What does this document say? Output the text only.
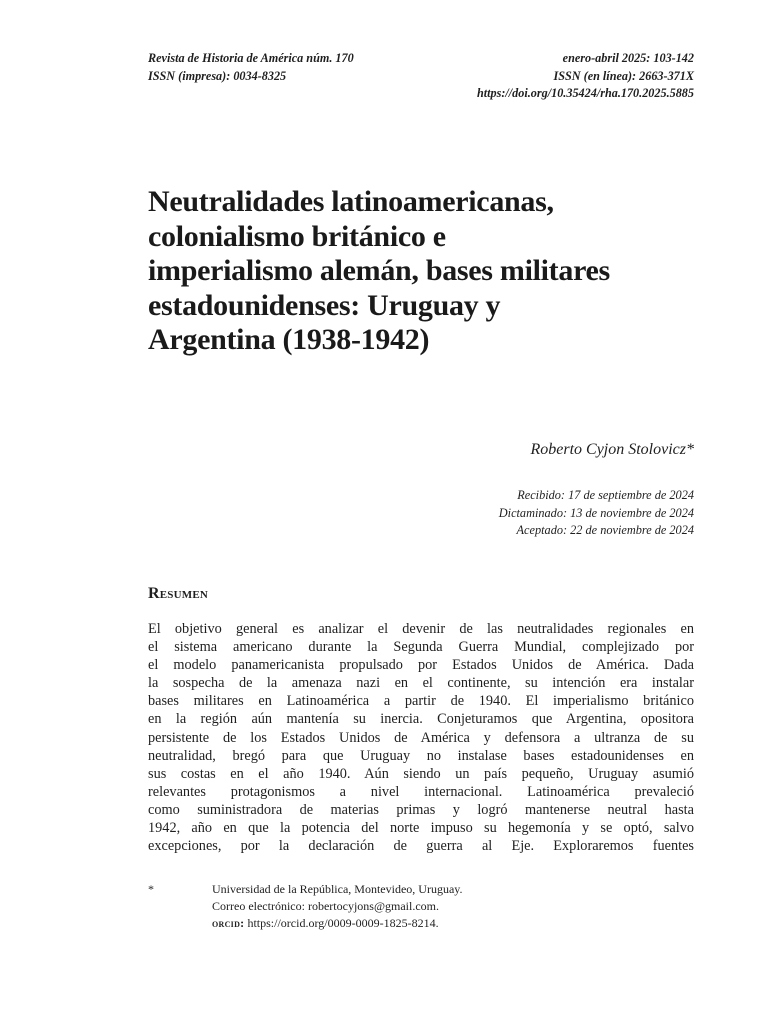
Revista de Historia de América núm. 170
ISSN (impresa): 0034-8325
enero-abril 2025: 103-142
ISSN (en línea): 2663-371X
https://doi.org/10.35424/rha.170.2025.5885
Neutralidades latinoamericanas,
colonialismo británico e
imperialismo alemán, bases militares
estadounidenses: Uruguay y
Argentina (1938-1942)
Roberto Cyjon Stolovicz*
Recibido: 17 de septiembre de 2024
Dictaminado: 13 de noviembre de 2024
Aceptado: 22 de noviembre de 2024
Resumen
El objetivo general es analizar el devenir de las neutralidades regionales en
el sistema americano durante la Segunda Guerra Mundial, complejizado por
el modelo panamericanista propulsado por Estados Unidos de América. Dada
la sospecha de la amenaza nazi en el continente, su intención era instalar
bases militares en Latinoamérica a partir de 1940. El imperialismo británico
en la región aún mantenía su inercia. Conjeturamos que Argentina, opositora
persistente de los Estados Unidos de América y defensora a ultranza de su
neutralidad, bregó para que Uruguay no instalase bases estadounidenses en
sus costas en el año 1940. Aún siendo un país pequeño, Uruguay asumió
relevantes protagonismos a nivel internacional. Latinoamérica prevaleció
como suministradora de materias primas y logró mantenerse neutral hasta
1942, año en que la potencia del norte impuso su hegemonía y se optó, salvo
excepciones, por la declaración de guerra al Eje. Exploraremos fuentes
*	Universidad de la República, Montevideo, Uruguay.
Correo electrónico: robertocyjons@gmail.com.
orcid: https://orcid.org/0009-0009-1825-8214.
